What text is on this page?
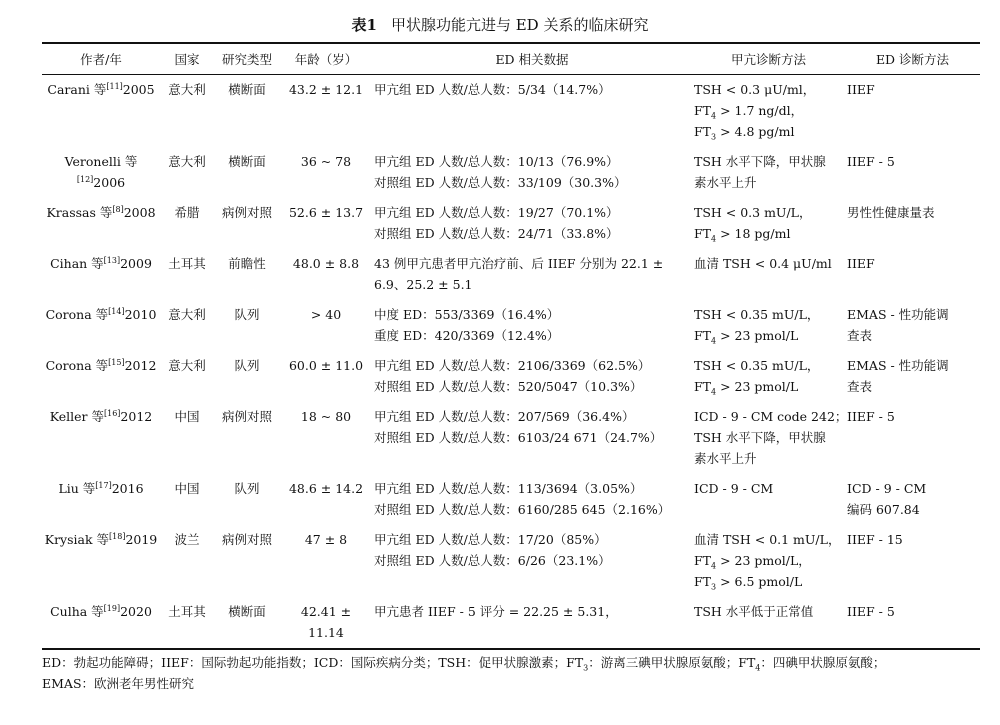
表1 甲状腺功能亢进与 ED 关系的临床研究
作者/年	国家	研究类型	年龄（岁）	ED 相关数据	甲亢诊断方法	ED 诊断方法
Carani 等[11]2005	意大利	横断面	43.2 ± 12.1	甲亢组 ED 人数/总人数：5/34（14.7%）	TSH < 0.3 μU/ml，
$FT_4 > 1.7$ ng/dl，
$FT_3 > 4.8$ pg/ml	IIEF

Veronelli 等[12]2006	意大利	横断面	36 ~ 78	甲亢组 ED 人数/总人数：10/13（76.9%）
对照组 ED 人数/总人数：33/109（30.3%）	TSH 水平下降，甲状腺
素水平上升	IIEF - 5

Krassas 等[8]2008	希腊	病例对照	52.6 ± 13.7	甲亢组 ED 人数/总人数：19/27（70.1%）
对照组 ED 人数/总人数：24/71（33.8%）	TSH < 0.3 mU/L，
$FT_4 > 18$ pg/ml	男性性健康量表

Cihan 等[13]2009	土耳其	前瞻性	48.0 ± 8.8	43 例甲亢患者甲亢治疗前、后 IIEF 分别为 22.1 ±
6.9、25.2 ± 5.1	血清 TSH < 0.4 μU/ml	IIEF

Corona 等[14]2010	意大利	队列	> 40	中度 ED：553/3369（16.4%）
重度 ED：420/3369（12.4%）	TSH < 0.35 mU/L，
$FT_4 > 23$ pmol/L	EMAS - 性功能调
查表

Corona 等[15]2012	意大利	队列	60.0 ± 11.0	甲亢组 ED 人数/总人数：2106/3369（62.5%）
对照组 ED 人数/总人数：520/5047（10.3%）	TSH < 0.35 mU/L，
$FT_4 > 23$ pmol/L	EMAS - 性功能调
查表

Keller 等[16]2012	中国	病例对照	18 ~ 80	甲亢组 ED 人数/总人数：207/569（36.4%）
对照组 ED 人数/总人数：6103/24 671（24.7%）	ICD - 9 - CM code 242；
TSH 水平下降，甲状腺
素水平上升	IIEF - 5

Liu 等[17]2016	中国	队列	48.6 ± 14.2	甲亢组 ED 人数/总人数：113/3694（3.05%）
对照组 ED 人数/总人数：6160/285 645（2.16%）	ICD - 9 - CM	ICD - 9 - CM
编码 607.84

Krysiak 等[18]2019	波兰	病例对照	47 ± 8	甲亢组 ED 人数/总人数：17/20（85%）
对照组 ED 人数/总人数：6/26（23.1%）	血清 TSH < 0.1 mU/L，
$FT_4 > 23$ pmol/L，
$FT_3 > 6.5$ pmol/L	IIEF - 15

Culha 等[19]2020	土耳其	横断面	42.41 ± 11.14	甲亢患者 IIEF - 5 评分 = 22.25 ± 5.31，	TSH 水平低于正常值	IIEF - 5
ED：勃起功能障碍；IIEF：国际勃起功能指数；ICD：国际疾病分类；TSH：促甲状腺激素；$FT_3$：游离三碘甲状腺原氨酸；$FT_4$：四碘甲状腺原氨酸；
EMAS：欧洲老年男性研究
